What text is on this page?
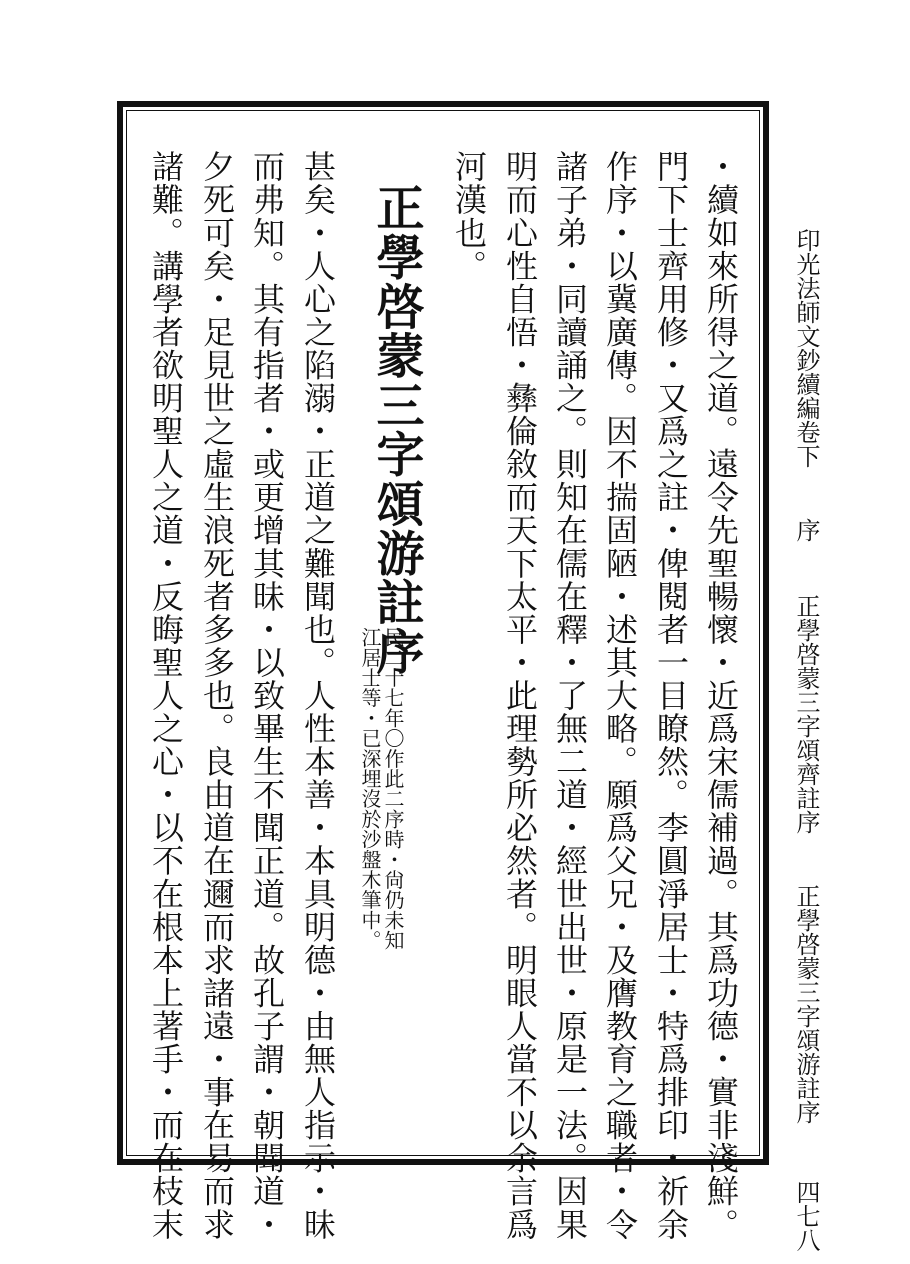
印光法師文鈔續編卷下 序 正學啓蒙三字頌齊註序 正學啓蒙三字頌游註序 四七八

・續如來所得之道。遠令先聖暢懷・近爲宋儒補過。其爲功德・實非淺鮮。

門下士齊用修・又爲之註・俾閱者一目瞭然。李圓淨居士・特爲排印・祈余

作序・以冀廣傳。因不揣固陋・述其大略。願爲父兄・及膺教育之職者・令

諸子弟・同讀誦之。則知在儒在釋・了無二道・經世出世・原是一法。因果

明而心性自悟・彝倫敘而天下太平・此理勢所必然者。明眼人當不以余言爲

河漢也。

正學啓蒙三字頌游註序

民二十七年〇作此二序時・尙仍未知

江居士等・已深埋沒於沙盤木筆中。

甚矣・人心之陷溺・正道之難聞也。人性本善・本具明德・由無人指示・昧

而弗知。其有指者・或更增其昧・以致畢生不聞正道。故孔子謂・朝聞道・

夕死可矣・足見世之虛生浪死者多多也。良由道在邇而求諸遠・事在易而求

諸難。講學者欲明聖人之道・反晦聖人之心・以不在根本上著手・而在枝末
